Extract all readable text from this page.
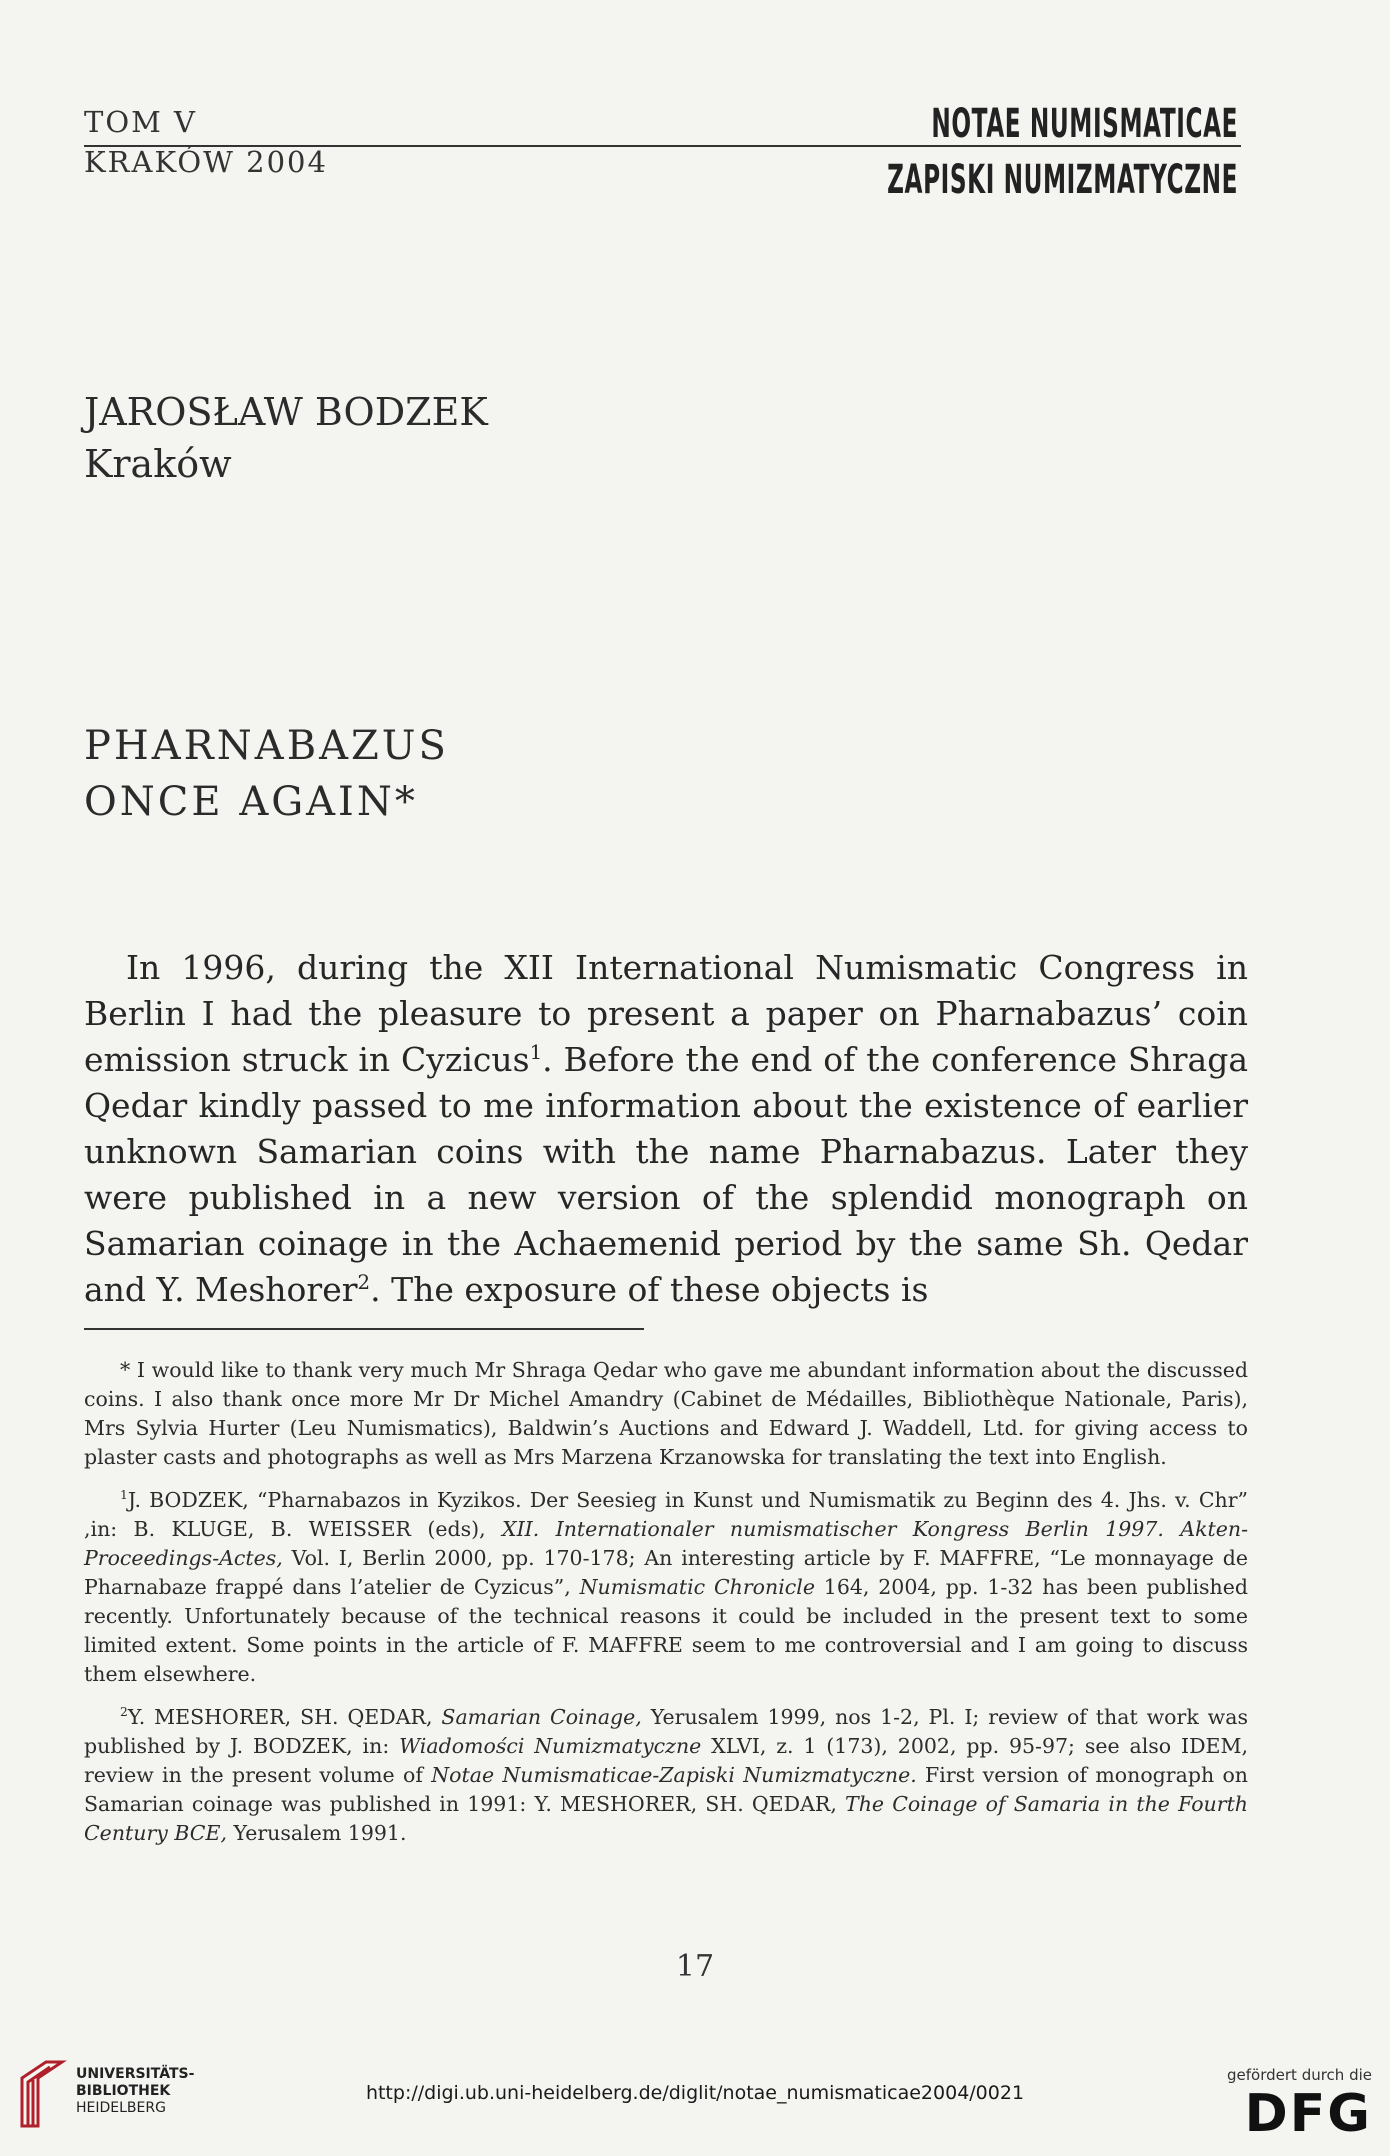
TOM V
KRAKÓW 2004
NOTAE NUMISMATICAE
ZAPISKI NUMIZMATYCZNE
JAROSŁAW BODZEK
Kraków
PHARNABAZUS
ONCE AGAIN*

In 1996, during the XII International Numismatic Congress in Berlin I had the pleasure to present a paper on Pharnabazus’ coin emission struck in Cyzicus$^1$. Before the end of the conference Shraga Qedar kindly passed to me information about the existence of earlier unknown Samarian coins with the name Pharnabazus. Later they were published in a new version of the splendid monograph on Samarian coinage in the Achaemenid period by the same Sh. Qedar and Y. Meshorer$^2$. The exposure of these objects is

* I would like to thank very much Mr Shraga Qedar who gave me abundant information about the discussed coins. I also thank once more Mr Dr Michel Amandry (Cabinet de Médailles, Bibliothèque Nationale, Paris), Mrs Sylvia Hurter (Leu Numismatics), Baldwin’s Auctions and Edward J. Waddell, Ltd. for giving access to plaster casts and photographs as well as Mrs Marzena Krzanowska for translating the text into English.

$^1$J. BODZEK, “Pharnabazos in Kyzikos. Der Seesieg in Kunst und Numismatik zu Beginn des 4. Jhs. v. Chr” ,in: B. KLUGE, B. WEISSER (eds), XII. Internationaler numismatischer Kongress Berlin 1997. Akten-Proceedings-Actes, Vol. I, Berlin 2000, pp. 170-178; An interesting article by F. MAFFRE, “Le monnayage de Pharnabaze frappé dans l’atelier de Cyzicus”, Numismatic Chronicle 164, 2004, pp. 1-32 has been published recently. Unfortunately because of the technical reasons it could be included in the present text to some limited extent. Some points in the article of F. MAFFRE seem to me controversial and I am going to discuss them elsewhere.

$^2$Y. MESHORER, SH. QEDAR, Samarian Coinage, Yerusalem 1999, nos 1-2, Pl. I; review of that work was published by J. BODZEK, in: Wiadomości Numizmatyczne XLVI, z. 1 (173), 2002, pp. 95-97; see also IDEM, review in the present volume of Notae Numismaticae-Zapiski Numizmatyczne. First version of monograph on Samarian coinage was published in 1991: Y. MESHORER, SH. QEDAR, The Coinage of Samaria in the Fourth Century BCE, Yerusalem 1991.

17
UNIVERSITÄTS-
BIBLIOTHEK
HEIDELBERG
http://digi.ub.uni-heidelberg.de/diglit/notae_numismaticae2004/0021
gefördert durch die
DFG
